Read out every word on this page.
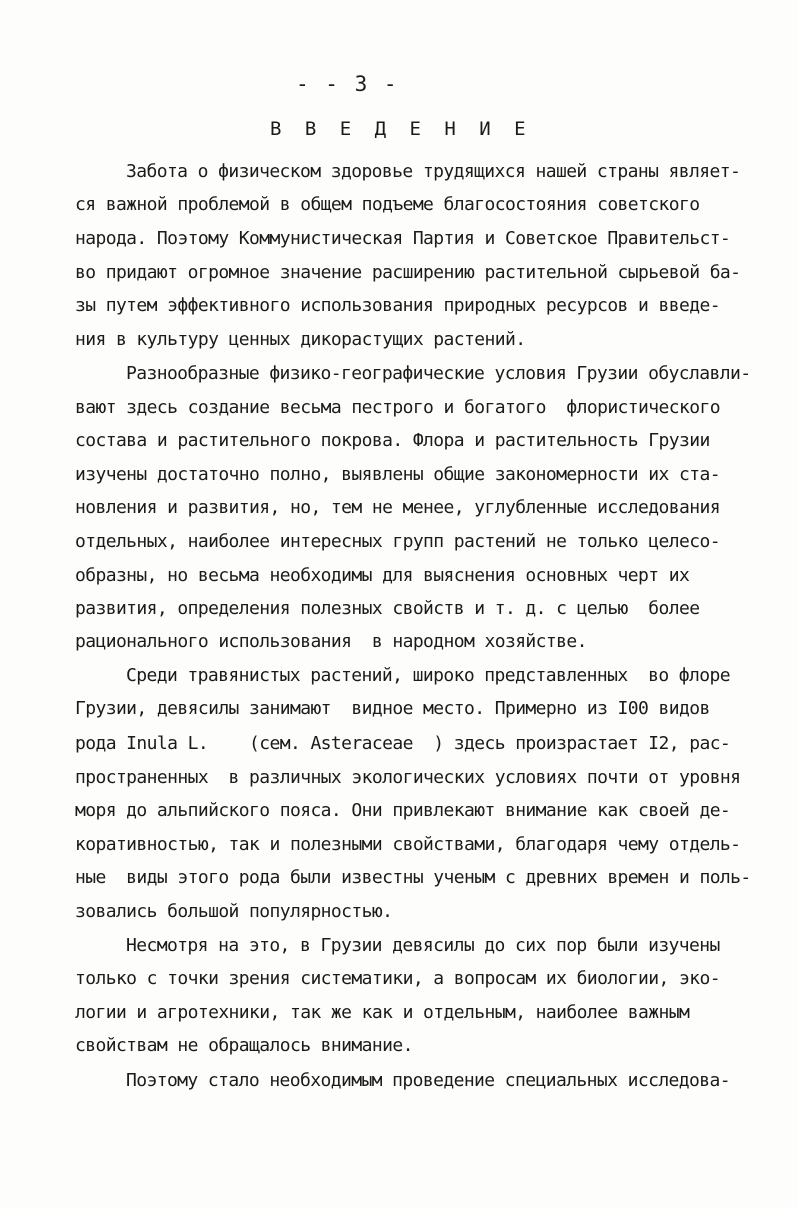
- - 3 -
В В Е Д Е Н И Е
Забота о физическом здоровье трудящихся нашей страны являет-
ся важной проблемой в общем подъеме благосостояния советского
народа. Поэтому Коммунистическая Партия и Советское Правительст-
во придают огромное значение расширению растительной сырьевой ба-
зы путем эффективного использования природных ресурсов и введе-
ния в культуру ценных дикорастущих растений.
Разнообразные физико-географические условия Грузии обуславли-
вают здесь создание весьма пестрого и богатого  флористического
состава и растительного покрова. Флора и растительность Грузии
изучены достаточно полно, выявлены общие закономерности их ста-
новления и развития, но, тем не менее, углубленные исследования
отдельных, наиболее интересных групп растений не только целесо-
образны, но весьма необходимы для выяснения основных черт их
развития, определения полезных свойств и т. д. с целью  более
рационального использования  в народном хозяйстве.
Среди травянистых растений, широко представленных  во флоре
Грузии, девясилы занимают  видное место. Примерно из I00 видов
рода Inula L.    (сем. Asteraceae  ) здесь произрастает I2, рас-
пространенных  в различных экологических условиях почти от уровня
моря до альпийского пояса. Они привлекают внимание как своей де-
коративностью, так и полезными свойствами, благодаря чему отдель-
ные  виды этого рода были известны ученым с древних времен и поль-
зовались большой популярностью.
Несмотря на это, в Грузии девясилы до сих пор были изучены
только с точки зрения систематики, а вопросам их биологии, эко-
логии и агротехники, так же как и отдельным, наиболее важным
свойствам не обращалось внимание.
Поэтому стало необходимым проведение специальных исследова-
